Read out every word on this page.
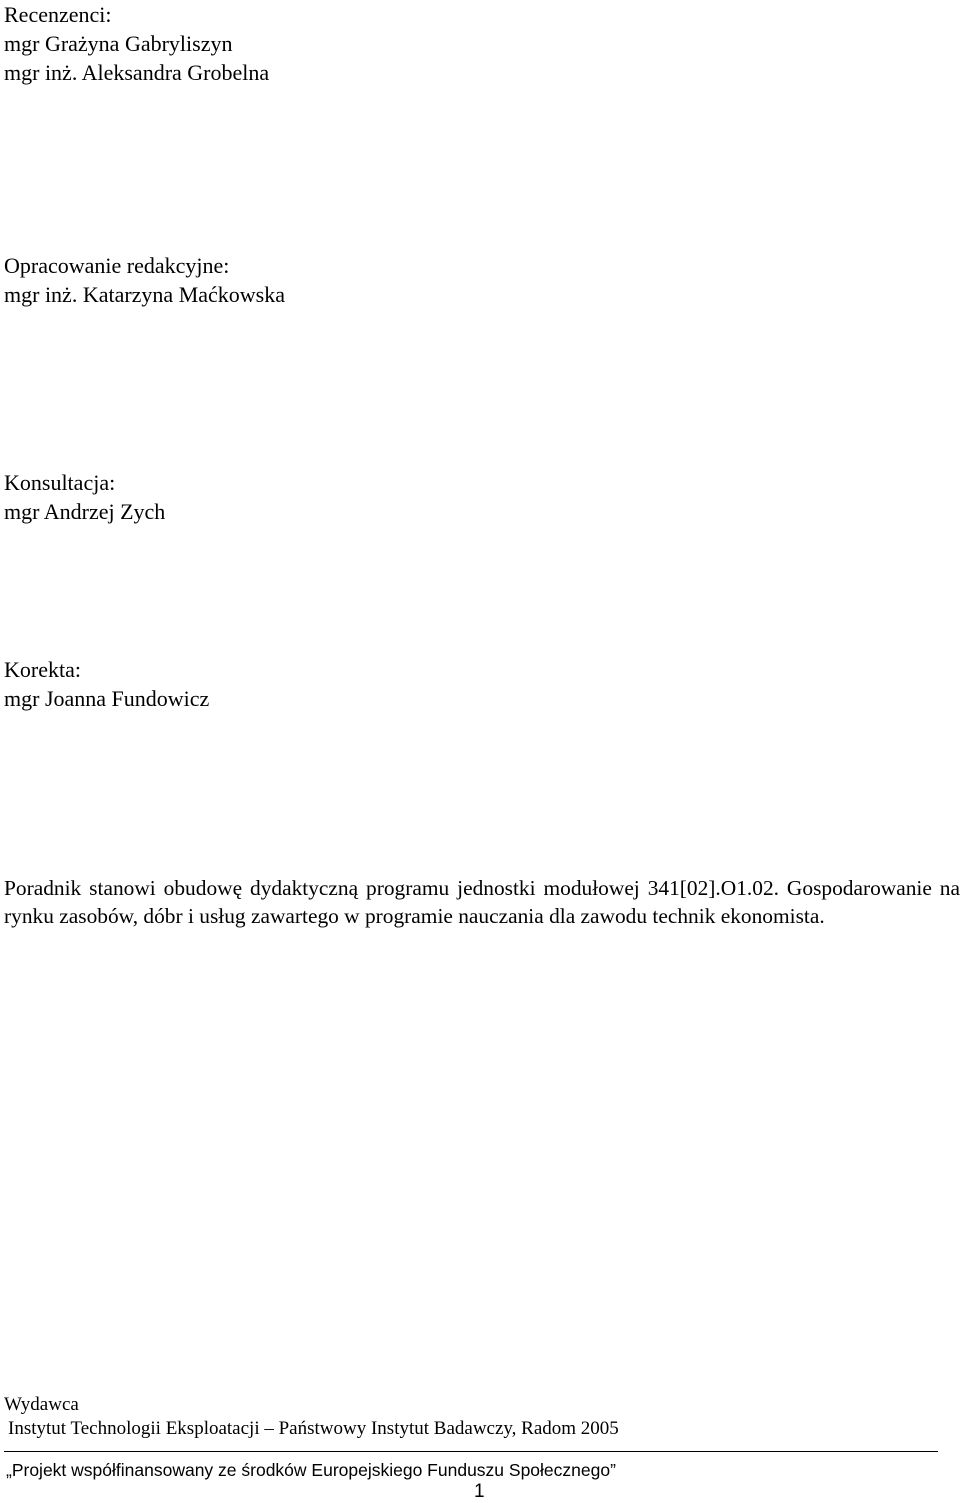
Recenzenci:
mgr Grażyna Gabryliszyn
mgr inż. Aleksandra Grobelna
Opracowanie redakcyjne:
mgr inż. Katarzyna Maćkowska
Konsultacja:
mgr Andrzej Zych
Korekta:
mgr Joanna Fundowicz

Poradnik stanowi obudowę dydaktyczną programu jednostki modułowej 341[02].O1.02. Gospodarowanie na rynku zasobów, dóbr i usług zawartego w programie nauczania dla zawodu technik ekonomista.

Wydawca
Instytut Technologii Eksploatacji – Państwowy Instytut Badawczy, Radom 2005
„Projekt współfinansowany ze środków Europejskiego Funduszu Społecznego”
1
